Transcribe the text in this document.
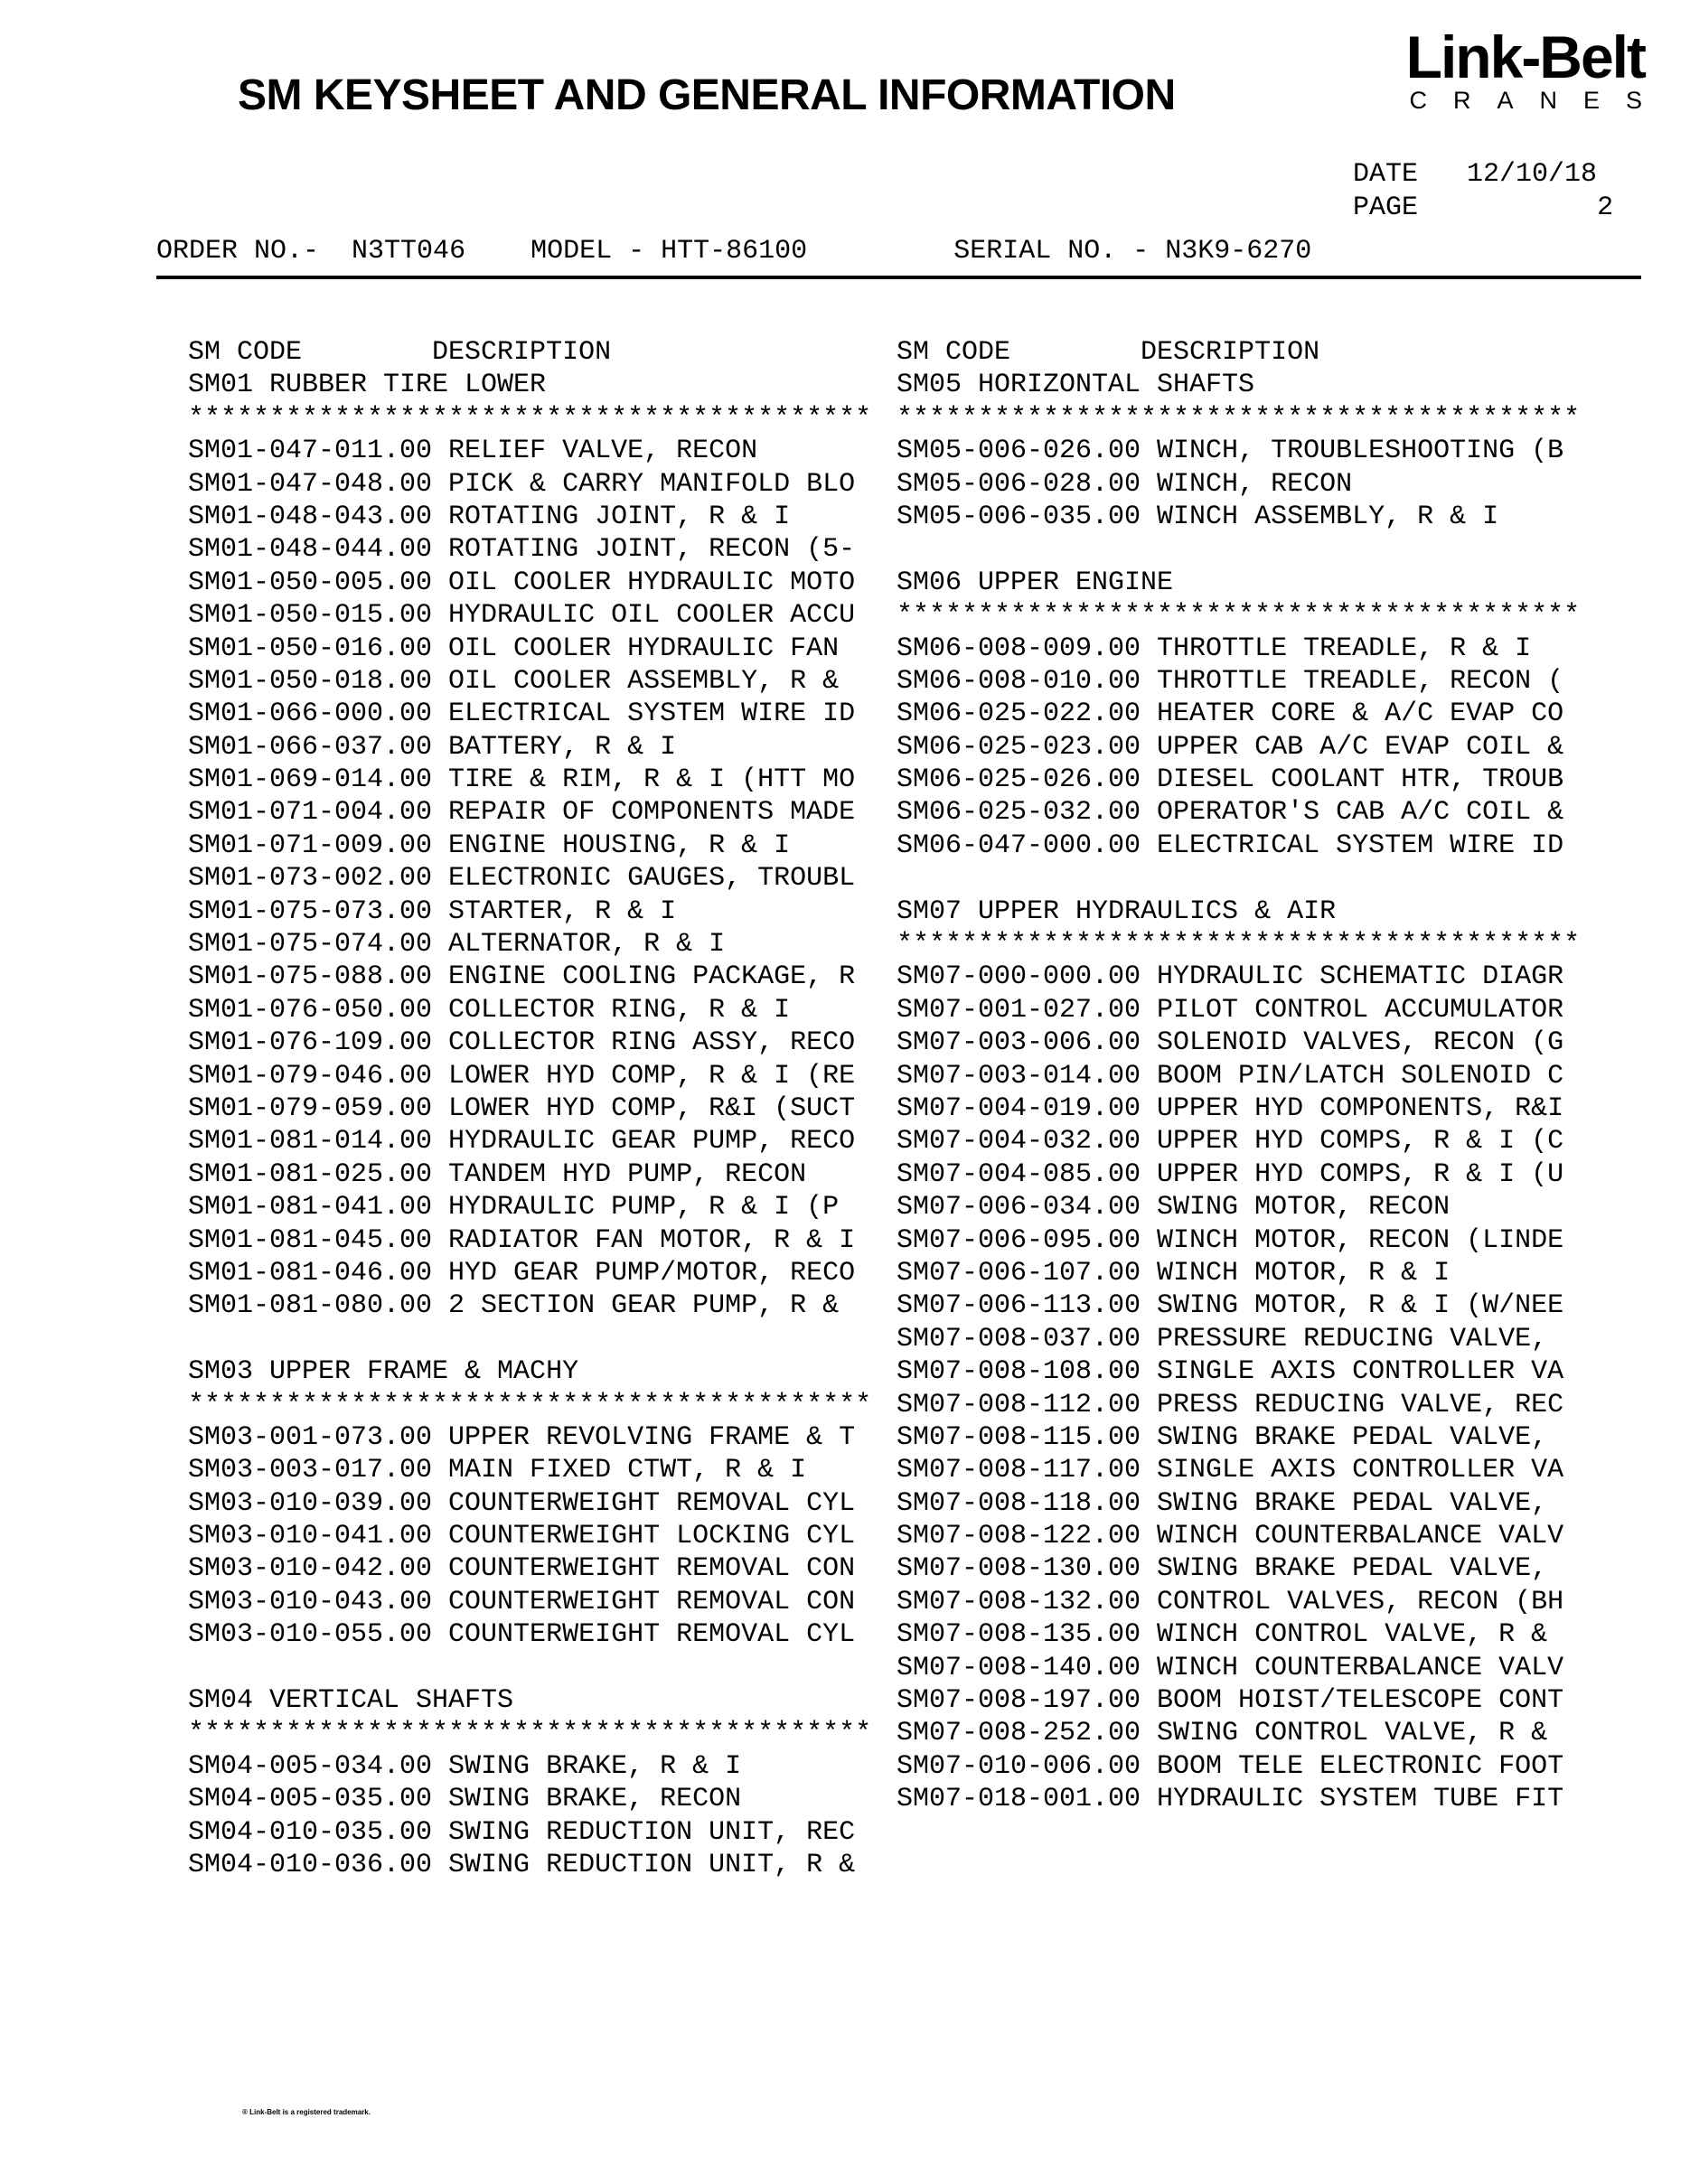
SM KEYSHEET AND GENERAL INFORMATION
Link-Belt
CRANES
DATE 12/10/18
PAGE	2
ORDER NO.- N3TT046 MODEL - HTT-86100	SERIAL NO. - N3K9-6270
SM CODE        DESCRIPTION
SM01 RUBBER TIRE LOWER
******************************************
SM01-047-011.00 RELIEF VALVE, RECON
SM01-047-048.00 PICK & CARRY MANIFOLD BLO
SM01-048-043.00 ROTATING JOINT, R & I
SM01-048-044.00 ROTATING JOINT, RECON (5-
SM01-050-005.00 OIL COOLER HYDRAULIC MOTO
SM01-050-015.00 HYDRAULIC OIL COOLER ACCU
SM01-050-016.00 OIL COOLER HYDRAULIC FAN
SM01-050-018.00 OIL COOLER ASSEMBLY, R &
SM01-066-000.00 ELECTRICAL SYSTEM WIRE ID
SM01-066-037.00 BATTERY, R & I
SM01-069-014.00 TIRE & RIM, R & I (HTT MO
SM01-071-004.00 REPAIR OF COMPONENTS MADE
SM01-071-009.00 ENGINE HOUSING, R & I
SM01-073-002.00 ELECTRONIC GAUGES, TROUBL
SM01-075-073.00 STARTER, R & I
SM01-075-074.00 ALTERNATOR, R & I
SM01-075-088.00 ENGINE COOLING PACKAGE, R
SM01-076-050.00 COLLECTOR RING, R & I
SM01-076-109.00 COLLECTOR RING ASSY, RECO
SM01-079-046.00 LOWER HYD COMP, R & I (RE
SM01-079-059.00 LOWER HYD COMP, R&I (SUCT
SM01-081-014.00 HYDRAULIC GEAR PUMP, RECO
SM01-081-025.00 TANDEM HYD PUMP, RECON
SM01-081-041.00 HYDRAULIC PUMP, R & I (P
SM01-081-045.00 RADIATOR FAN MOTOR, R & I
SM01-081-046.00 HYD GEAR PUMP/MOTOR, RECO
SM01-081-080.00 2 SECTION GEAR PUMP, R &
SM03 UPPER FRAME & MACHY
******************************************
SM03-001-073.00 UPPER REVOLVING FRAME & T
SM03-003-017.00 MAIN FIXED CTWT, R & I
SM03-010-039.00 COUNTERWEIGHT REMOVAL CYL
SM03-010-041.00 COUNTERWEIGHT LOCKING CYL
SM03-010-042.00 COUNTERWEIGHT REMOVAL CON
SM03-010-043.00 COUNTERWEIGHT REMOVAL CON
SM03-010-055.00 COUNTERWEIGHT REMOVAL CYL
SM04 VERTICAL SHAFTS
******************************************
SM04-005-034.00 SWING BRAKE, R & I
SM04-005-035.00 SWING BRAKE, RECON
SM04-010-035.00 SWING REDUCTION UNIT, REC
SM04-010-036.00 SWING REDUCTION UNIT, R &
SM CODE        DESCRIPTION
SM05 HORIZONTAL SHAFTS
******************************************
SM05-006-026.00 WINCH, TROUBLESHOOTING (B
SM05-006-028.00 WINCH, RECON
SM05-006-035.00 WINCH ASSEMBLY, R & I
SM06 UPPER ENGINE
******************************************
SM06-008-009.00 THROTTLE TREADLE, R & I
SM06-008-010.00 THROTTLE TREADLE, RECON (
SM06-025-022.00 HEATER CORE & A/C EVAP CO
SM06-025-023.00 UPPER CAB A/C EVAP COIL &
SM06-025-026.00 DIESEL COOLANT HTR, TROUB
SM06-025-032.00 OPERATOR'S CAB A/C COIL &
SM06-047-000.00 ELECTRICAL SYSTEM WIRE ID
SM07 UPPER HYDRAULICS & AIR
******************************************
SM07-000-000.00 HYDRAULIC SCHEMATIC DIAGR
SM07-001-027.00 PILOT CONTROL ACCUMULATOR
SM07-003-006.00 SOLENOID VALVES, RECON (G
SM07-003-014.00 BOOM PIN/LATCH SOLENOID C
SM07-004-019.00 UPPER HYD COMPONENTS, R&I
SM07-004-032.00 UPPER HYD COMPS, R & I (C
SM07-004-085.00 UPPER HYD COMPS, R & I (U
SM07-006-034.00 SWING MOTOR, RECON
SM07-006-095.00 WINCH MOTOR, RECON (LINDE
SM07-006-107.00 WINCH MOTOR, R & I
SM07-006-113.00 SWING MOTOR, R & I (W/NEE
SM07-008-037.00 PRESSURE REDUCING VALVE,
SM07-008-108.00 SINGLE AXIS CONTROLLER VA
SM07-008-112.00 PRESS REDUCING VALVE, REC
SM07-008-115.00 SWING BRAKE PEDAL VALVE,
SM07-008-117.00 SINGLE AXIS CONTROLLER VA
SM07-008-118.00 SWING BRAKE PEDAL VALVE,
SM07-008-122.00 WINCH COUNTERBALANCE VALV
SM07-008-130.00 SWING BRAKE PEDAL VALVE,
SM07-008-132.00 CONTROL VALVES, RECON (BH
SM07-008-135.00 WINCH CONTROL VALVE, R &
SM07-008-140.00 WINCH COUNTERBALANCE VALV
SM07-008-197.00 BOOM HOIST/TELESCOPE CONT
SM07-008-252.00 SWING CONTROL VALVE, R &
SM07-010-006.00 BOOM TELE ELECTRONIC FOOT
SM07-018-001.00 HYDRAULIC SYSTEM TUBE FIT
® Link-Belt is a registered trademark.
